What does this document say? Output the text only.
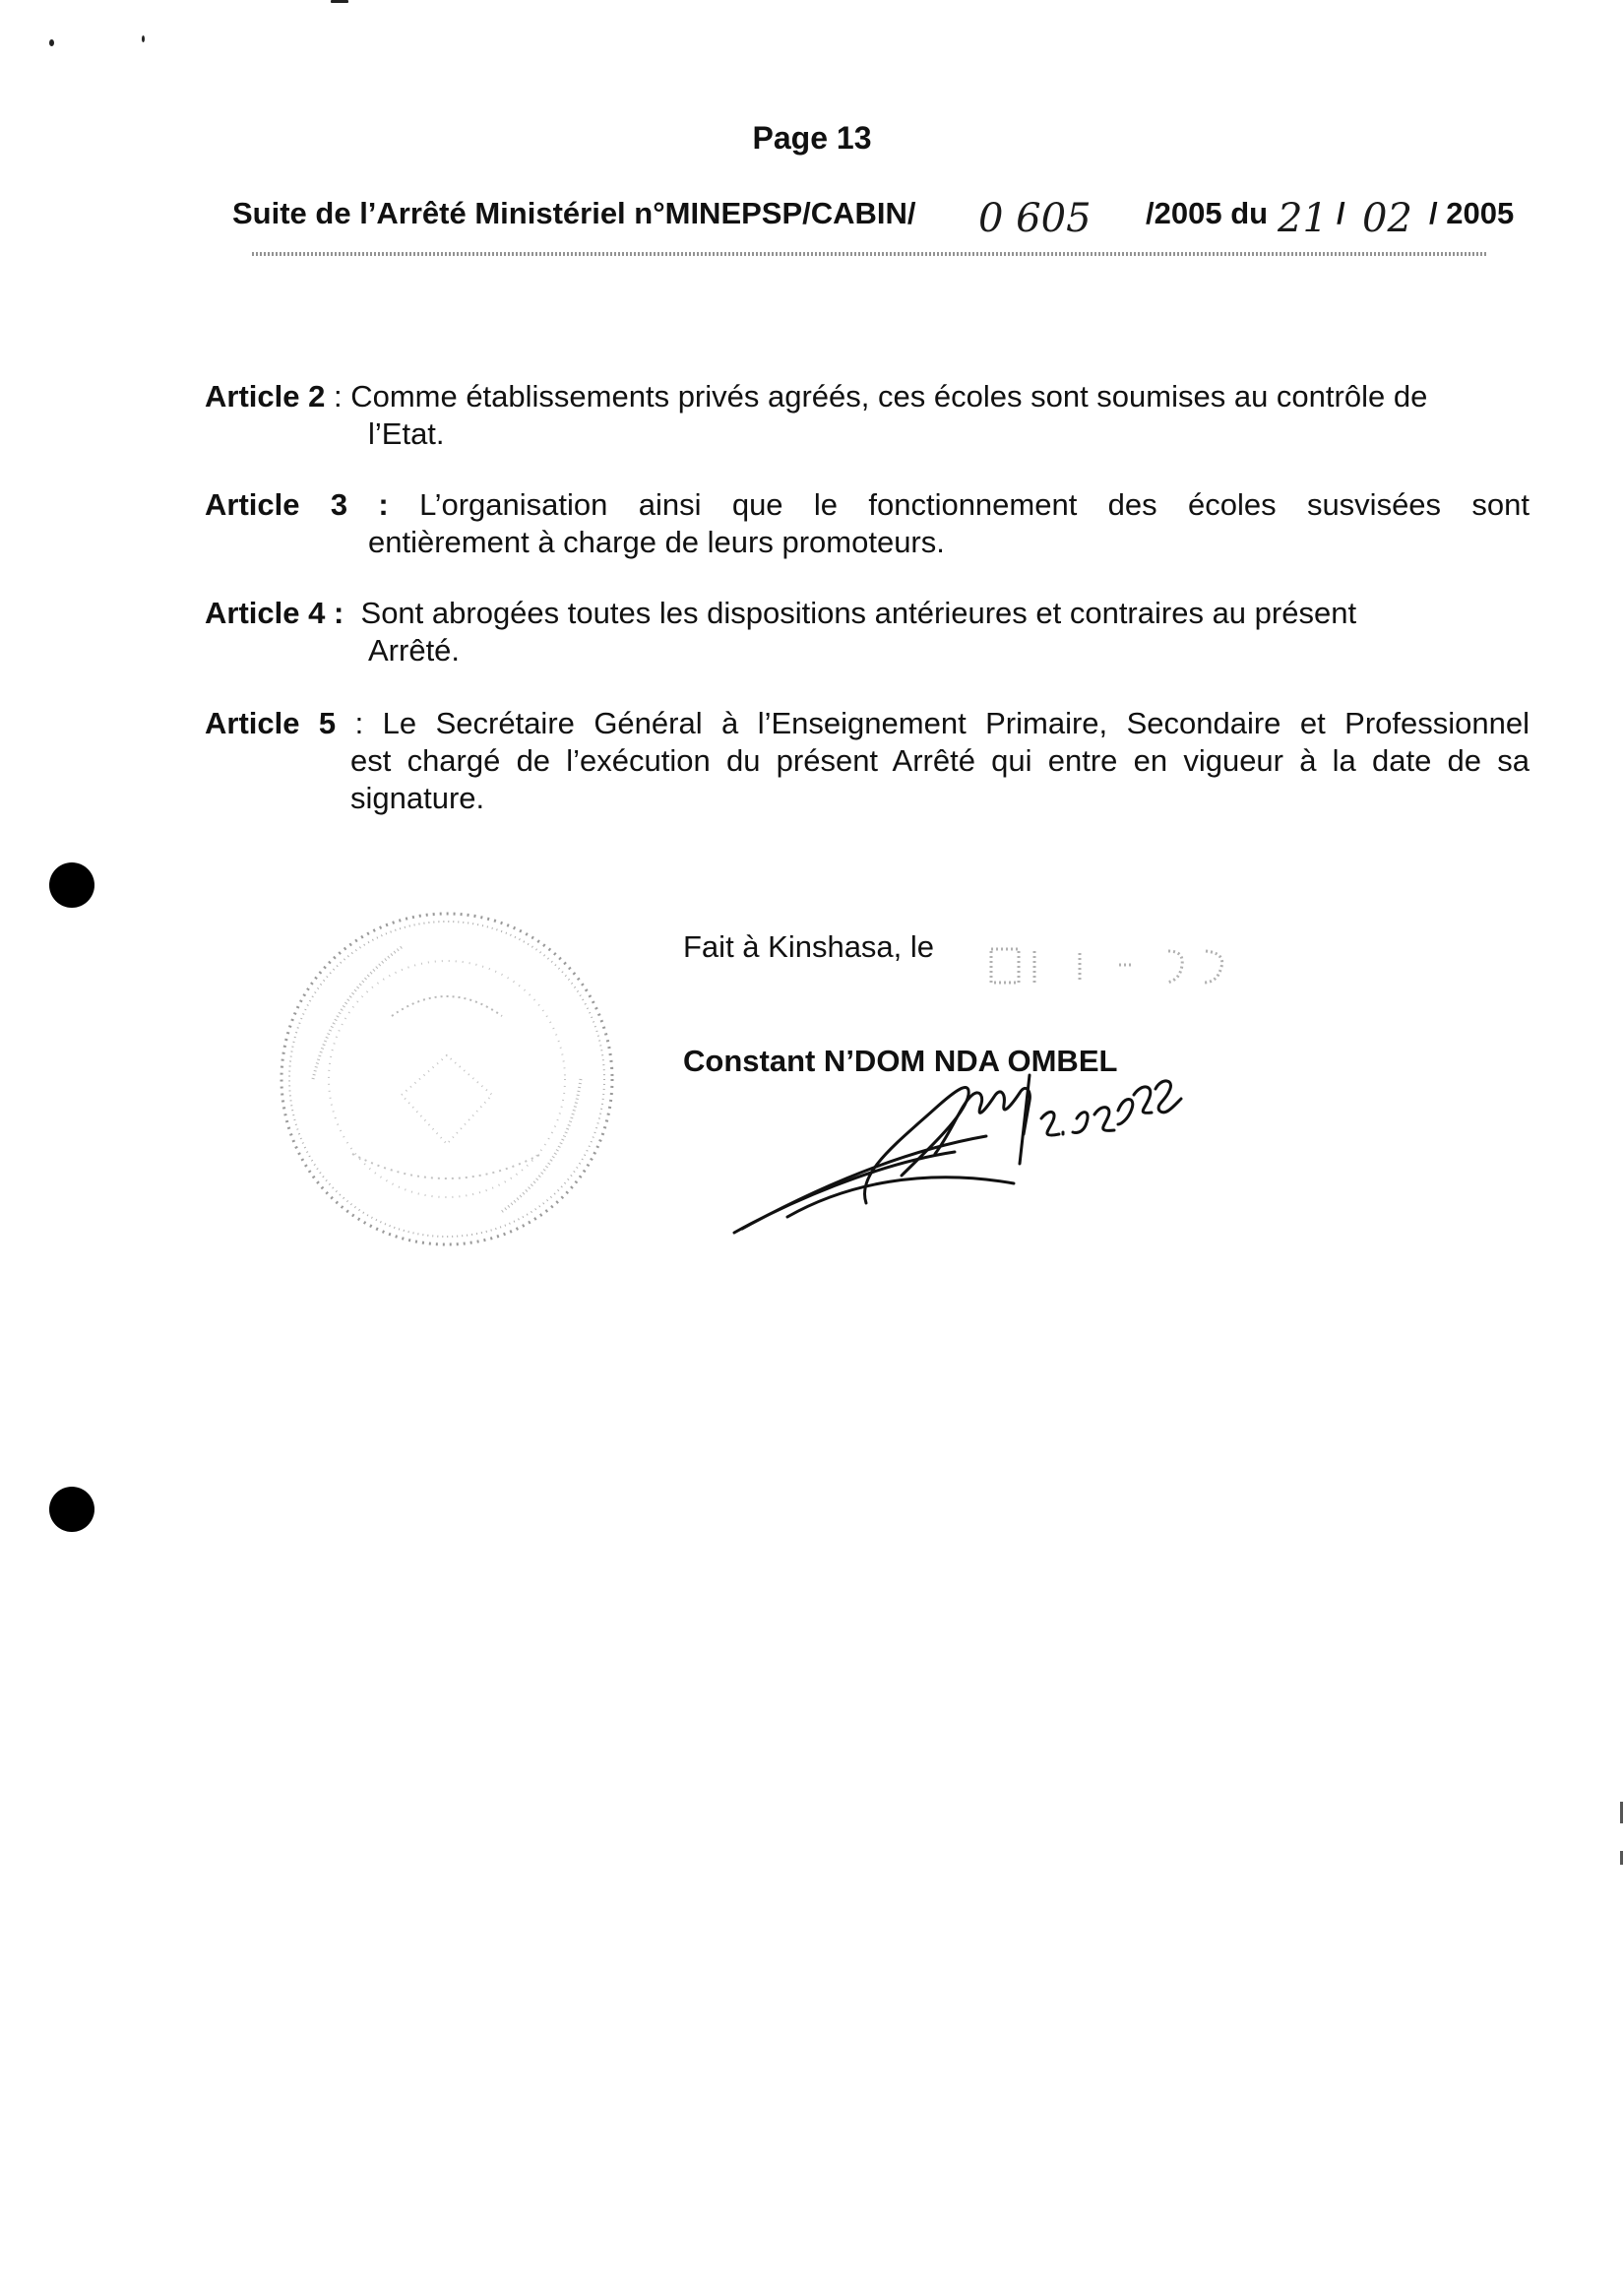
Page 13
Suite de l’Arrêté Ministériel n°MINEPSP/CABIN/ 0 605 /2005 du 21 / 02 / 2005
Article 2 : Comme établissements privés agréés, ces écoles sont soumises au contrôle de
l’Etat.
Article 3 : L’organisation ainsi que le fonctionnement des écoles susvisées sont
entièrement à charge de leurs promoteurs.
Article 4 : Sont abrogées toutes les dispositions antérieures et contraires au présent
Arrêté.
Article 5 : Le Secrétaire Général à l’Enseignement Primaire, Secondaire et Professionnel
est chargé de l’exécution du présent Arrêté qui entre en vigueur à la date de sa
signature.
Fait à Kinshasa, le
Constant N’DOM NDA OMBEL
